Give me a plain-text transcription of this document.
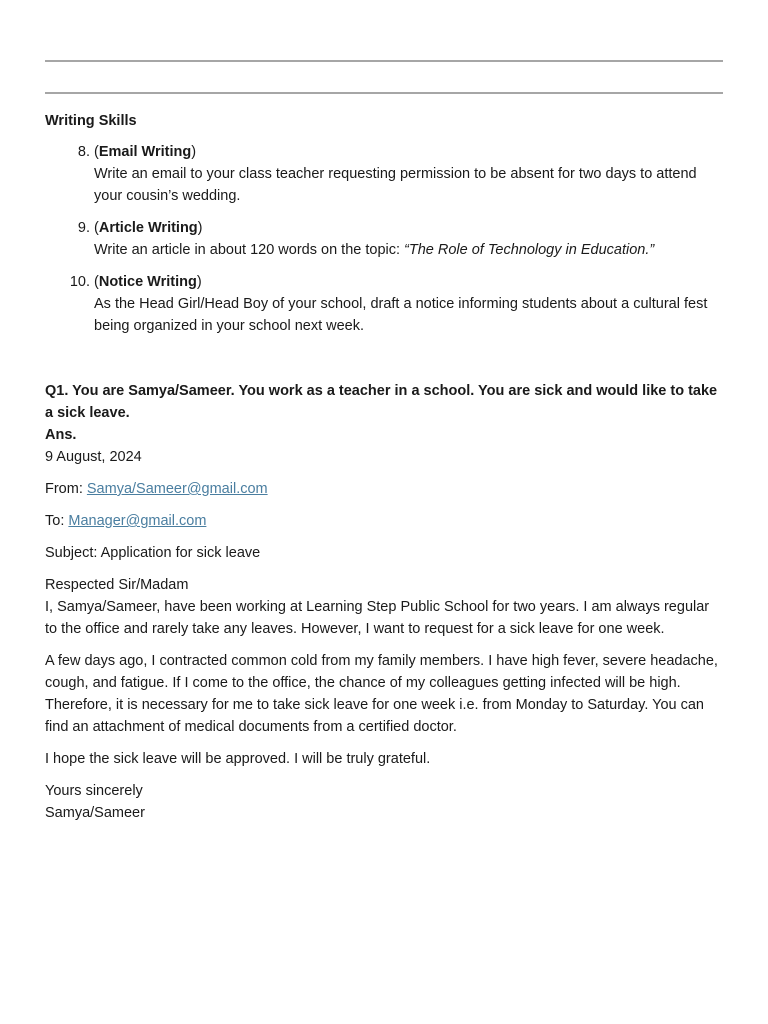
Writing Skills

8. (Email Writing)

Write an email to your class teacher requesting permission to be absent for two days to attend your cousin’s wedding.

9. (Article Writing)

Write an article in about 120 words on the topic: “The Role of Technology in Education.”

10. (Notice Writing)

As the Head Girl/Head Boy of your school, draft a notice informing students about a cultural fest being organized in your school next week.

Q1. You are Samya/Sameer. You work as a teacher in a school. You are sick and would like to take a sick leave.

Ans.

9 August, 2024

From: Samya/Sameer@gmail.com

To: Manager@gmail.com

Subject: Application for sick leave

Respected Sir/Madam

I, Samya/Sameer, have been working at Learning Step Public School for two years. I am always regular to the office and rarely take any leaves. However, I want to request for a sick leave for one week.

A few days ago, I contracted common cold from my family members. I have high fever, severe headache, cough, and fatigue. If I come to the office, the chance of my colleagues getting infected will be high. Therefore, it is necessary for me to take sick leave for one week i.e. from Monday to Saturday. You can find an attachment of medical documents from a certified doctor.

I hope the sick leave will be approved. I will be truly grateful.

Yours sincerely

Samya/Sameer
